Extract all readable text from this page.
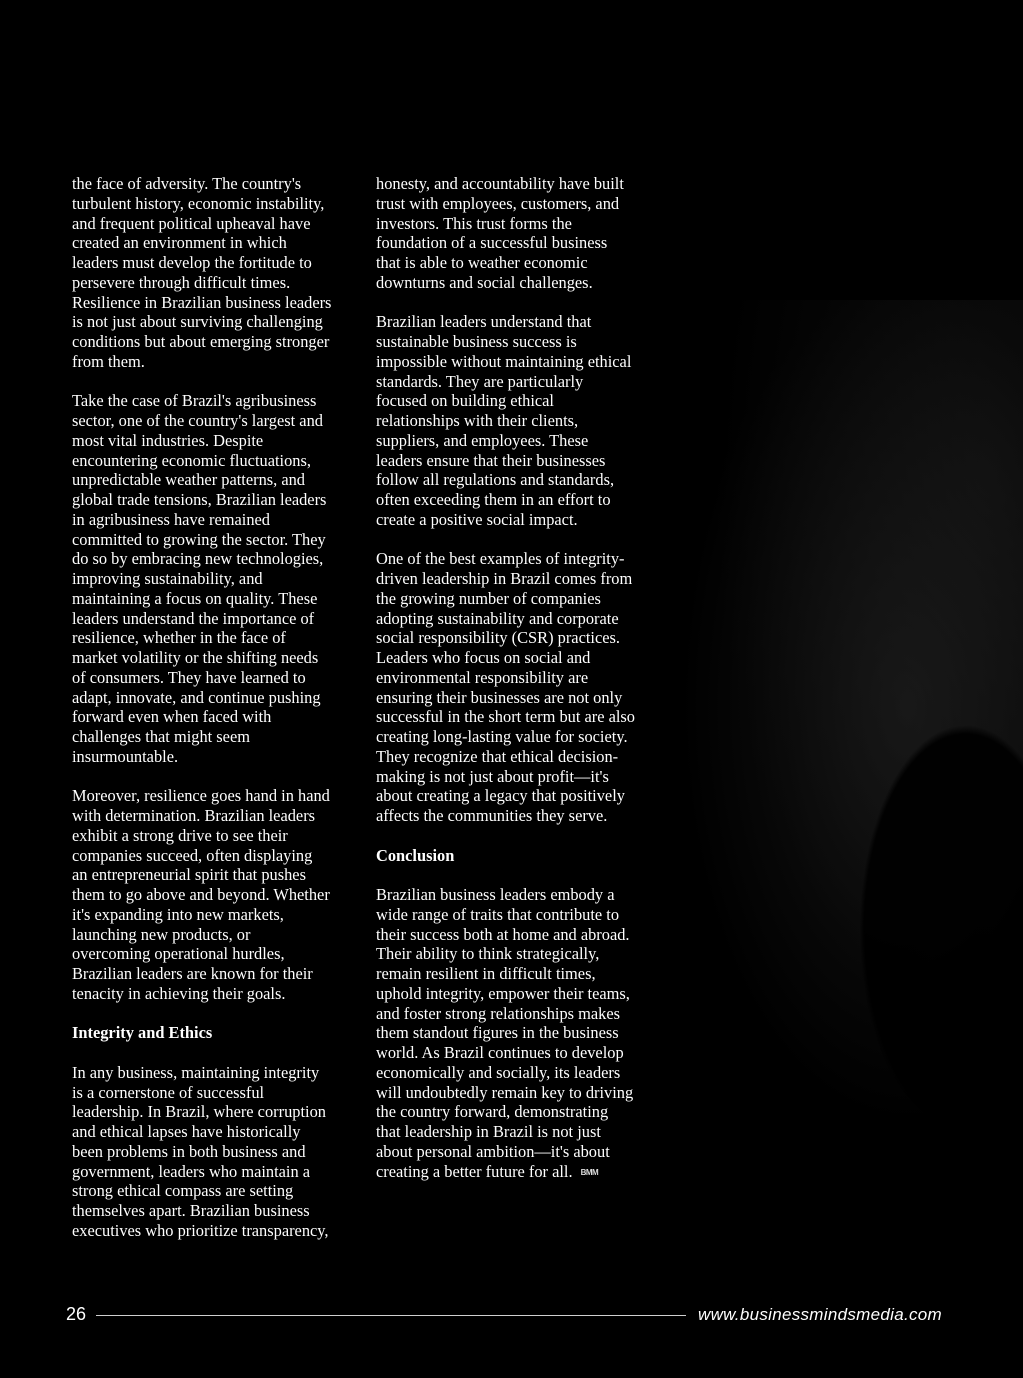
the face of adversity. The country's
turbulent history, economic instability,
and frequent political upheaval have
created an environment in which
leaders must develop the fortitude to
persevere through difficult times.
Resilience in Brazilian business leaders
is not just about surviving challenging
conditions but about emerging stronger
from them.

Take the case of Brazil's agribusiness
sector, one of the country's largest and
most vital industries. Despite
encountering economic fluctuations,
unpredictable weather patterns, and
global trade tensions, Brazilian leaders
in agribusiness have remained
committed to growing the sector. They
do so by embracing new technologies,
improving sustainability, and
maintaining a focus on quality. These
leaders understand the importance of
resilience, whether in the face of
market volatility or the shifting needs
of consumers. They have learned to
adapt, innovate, and continue pushing
forward even when faced with
challenges that might seem
insurmountable.

Moreover, resilience goes hand in hand
with determination. Brazilian leaders
exhibit a strong drive to see their
companies succeed, often displaying
an entrepreneurial spirit that pushes
them to go above and beyond. Whether
it's expanding into new markets,
launching new products, or
overcoming operational hurdles,
Brazilian leaders are known for their
tenacity in achieving their goals.

Integrity and Ethics

In any business, maintaining integrity
is a cornerstone of successful
leadership. In Brazil, where corruption
and ethical lapses have historically
been problems in both business and
government, leaders who maintain a
strong ethical compass are setting
themselves apart. Brazilian business
executives who prioritize transparency,

honesty, and accountability have built
trust with employees, customers, and
investors. This trust forms the
foundation of a successful business
that is able to weather economic
downturns and social challenges.

Brazilian leaders understand that
sustainable business success is
impossible without maintaining ethical
standards. They are particularly
focused on building ethical
relationships with their clients,
suppliers, and employees. These
leaders ensure that their businesses
follow all regulations and standards,
often exceeding them in an effort to
create a positive social impact.

One of the best examples of integrity-
driven leadership in Brazil comes from
the growing number of companies
adopting sustainability and corporate
social responsibility (CSR) practices.
Leaders who focus on social and
environmental responsibility are
ensuring their businesses are not only
successful in the short term but are also
creating long-lasting value for society.
They recognize that ethical decision-
making is not just about profit—it's
about creating a legacy that positively
affects the communities they serve.

Conclusion

Brazilian business leaders embody a
wide range of traits that contribute to
their success both at home and abroad.
Their ability to think strategically,
remain resilient in difficult times,
uphold integrity, empower their teams,
and foster strong relationships makes
them standout figures in the business
world. As Brazil continues to develop
economically and socially, its leaders
will undoubtedly remain key to driving
the country forward, demonstrating
that leadership in Brazil is not just
about personal ambition—it's about
creating a better future for all. BMM

26	www.businessmindsmedia.com
